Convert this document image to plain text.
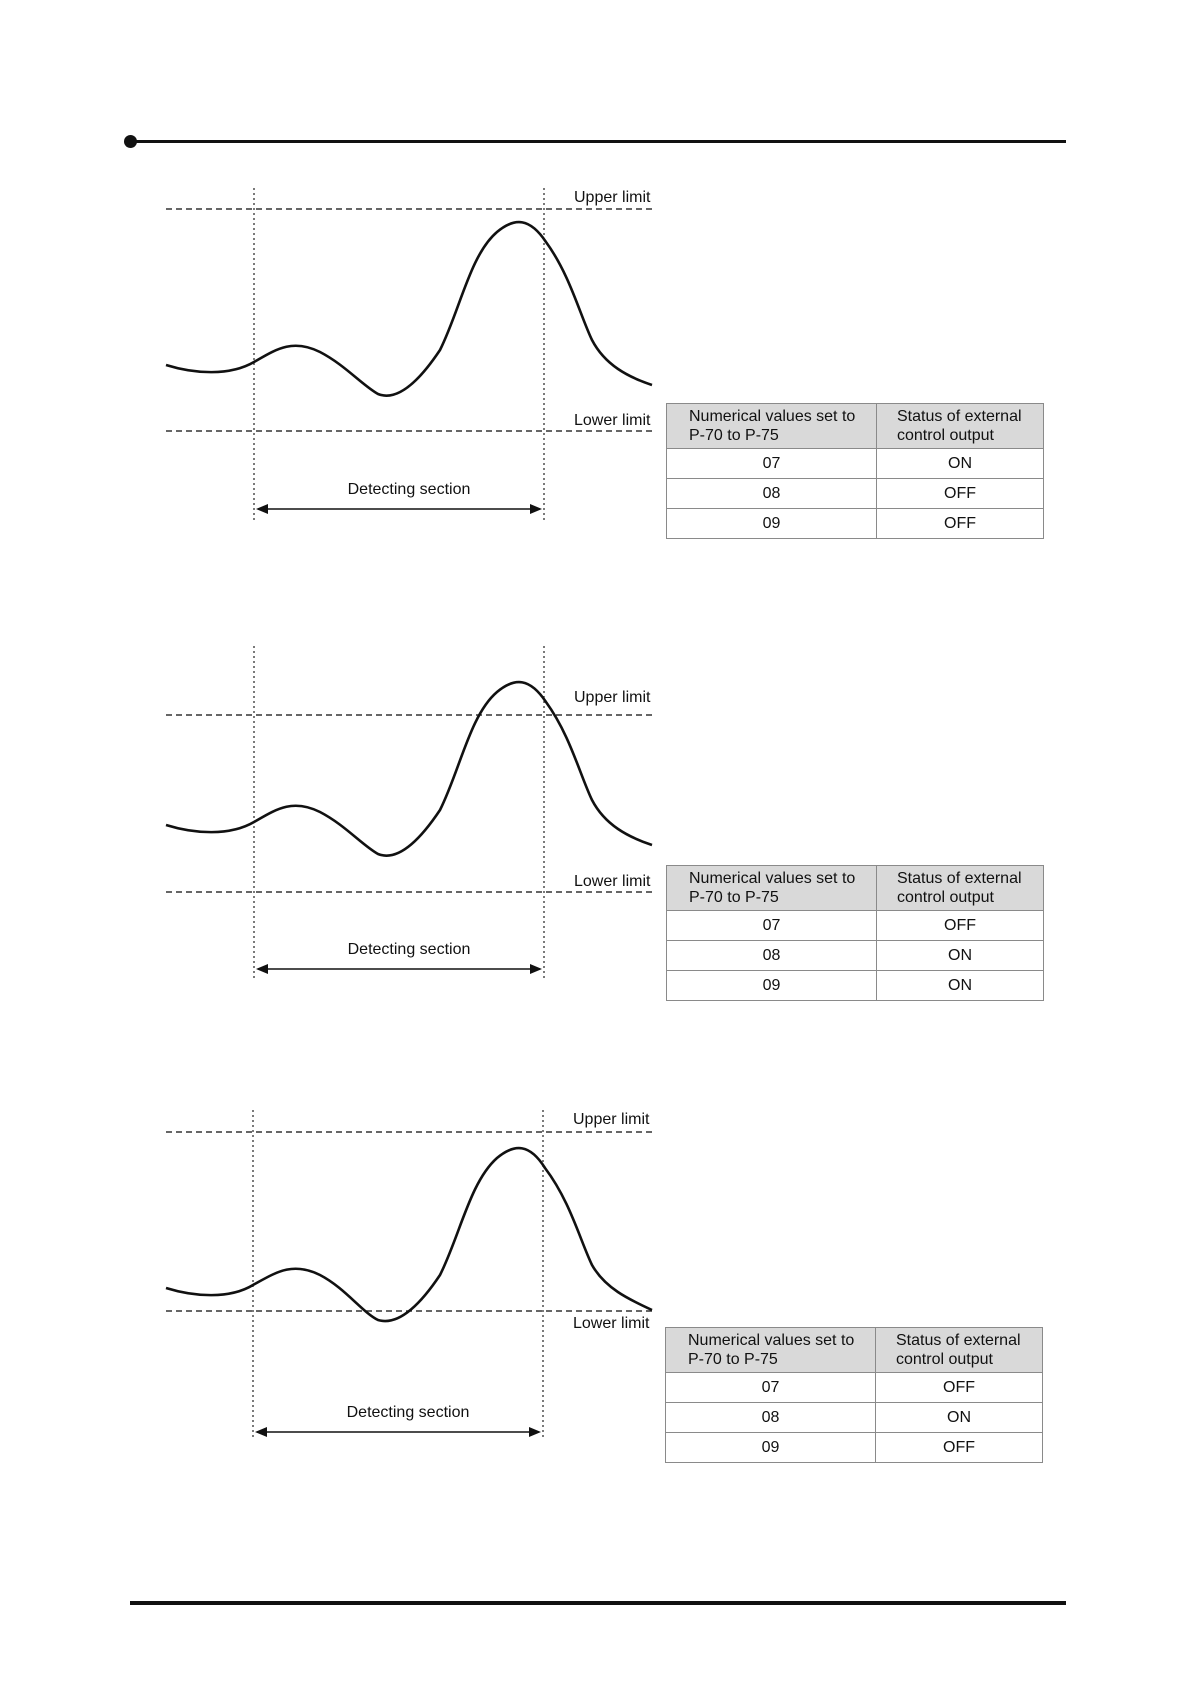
Upper limit
Lower limit
Detecting section
Numerical values set to P-70 to P-75	Status of external control output
07	ON
08	OFF
09	OFF
Upper limit
Lower limit
Detecting section
Numerical values set to P-70 to P-75	Status of external control output
07	OFF
08	ON
09	ON
Upper limit
Lower limit
Detecting section
Numerical values set to P-70 to P-75	Status of external control output
07	OFF
08	ON
09	OFF
